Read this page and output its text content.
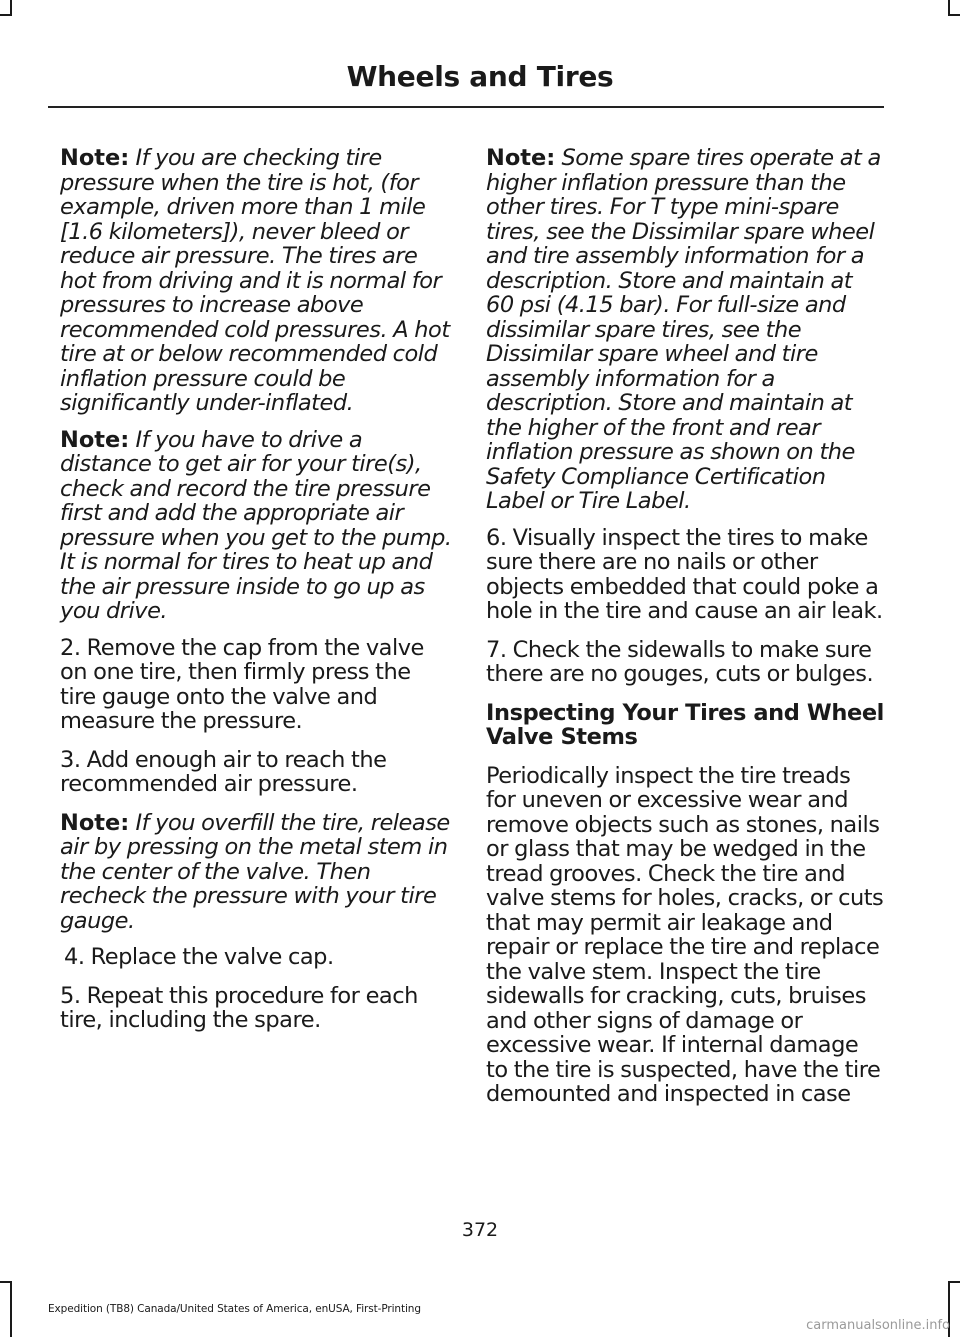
Wheels and Tires

Note: If you are checking tire pressure when the tire is hot, (for example, driven more than 1 mile [1.6 kilometers]), never bleed or reduce air pressure. The tires are hot from driving and it is normal for pressures to increase above recommended cold pressures. A hot tire at or below recommended cold inflation pressure could be significantly under-inflated.

Note: If you have to drive a distance to get air for your tire(s), check and record the tire pressure first and add the appropriate air pressure when you get to the pump. It is normal for tires to heat up and the air pressure inside to go up as you drive.

2. Remove the cap from the valve on one tire, then firmly press the tire gauge onto the valve and measure the pressure.

3. Add enough air to reach the recommended air pressure.

Note: If you overfill the tire, release air by pressing on the metal stem in the center of the valve. Then recheck the pressure with your tire gauge.

4. Replace the valve cap.

5. Repeat this procedure for each tire, including the spare.

Note: Some spare tires operate at a higher inflation pressure than the other tires. For T type mini-spare tires, see the Dissimilar spare wheel and tire assembly information for a description. Store and maintain at 60 psi (4.15 bar). For full-size and dissimilar spare tires, see the Dissimilar spare wheel and tire assembly information for a description. Store and maintain at the higher of the front and rear inflation pressure as shown on the Safety Compliance Certification Label or Tire Label.

6. Visually inspect the tires to make sure there are no nails or other objects embedded that could poke a hole in the tire and cause an air leak.

7. Check the sidewalls to make sure there are no gouges, cuts or bulges.

Inspecting Your Tires and Wheel Valve Stems

Periodically inspect the tire treads for uneven or excessive wear and remove objects such as stones, nails or glass that may be wedged in the tread grooves. Check the tire and valve stems for holes, cracks, or cuts that may permit air leakage and repair or replace the tire and replace the valve stem. Inspect the tire sidewalls for cracking, cuts, bruises and other signs of damage or excessive wear. If internal damage to the tire is suspected, have the tire demounted and inspected in case

372
Expedition (TB8) Canada/United States of America, enUSA, First-Printing
carmanualsonline.info
